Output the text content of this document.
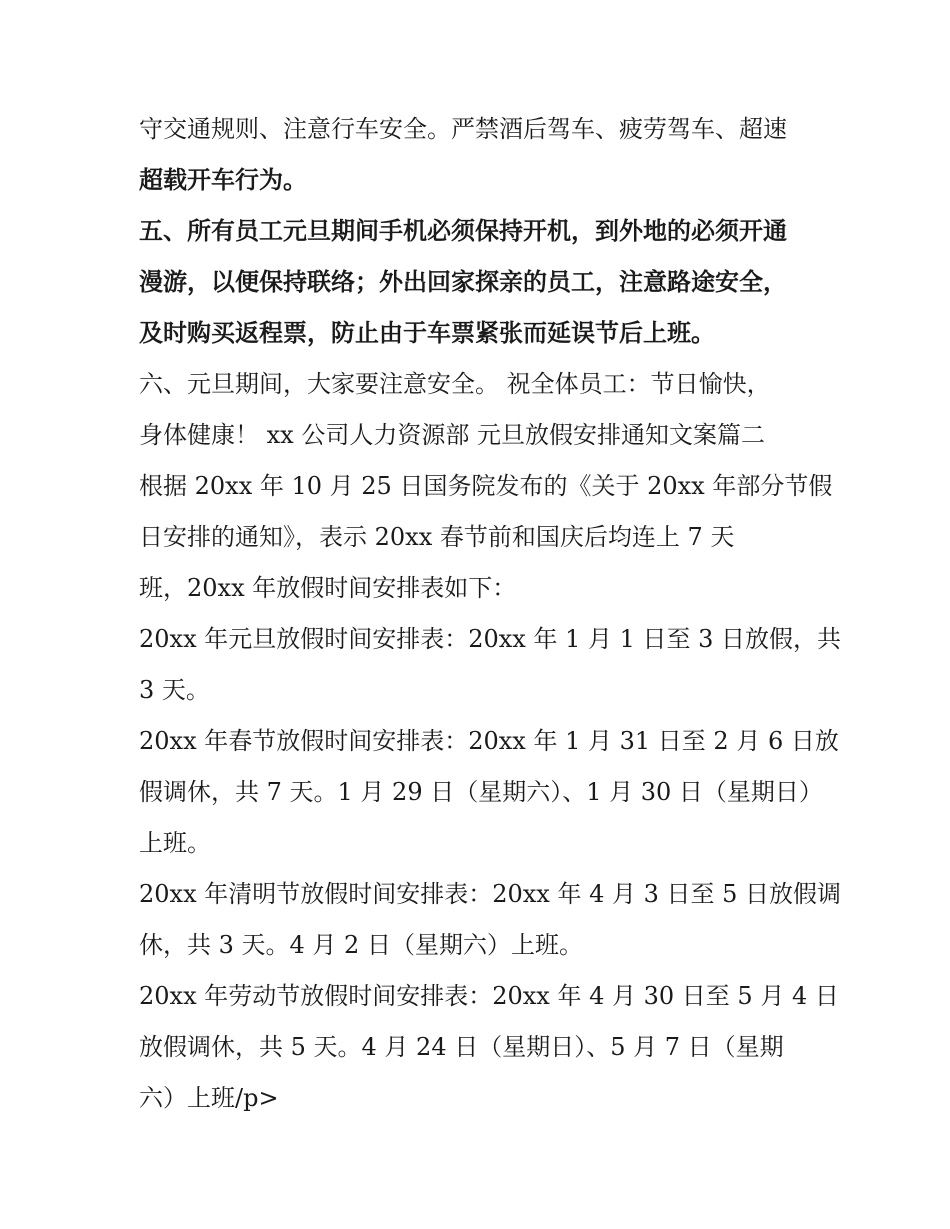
守交通规则、注意行车安全。严禁酒后驾车、疲劳驾车、超速
超载开车行为。
五、所有员工元旦期间手机必须保持开机，到外地的必须开通
漫游，以便保持联络；外出回家探亲的员工，注意路途安全，
及时购买返程票，防止由于车票紧张而延误节后上班。
六、元旦期间，大家要注意安全。 祝全体员工：节日愉快，
身体健康！ xx 公司人力资源部 元旦放假安排通知文案篇二
根据 20xx 年 10 月 25 日国务院发布的《关于 20xx 年部分节假
日安排的通知》，表示 20xx 春节前和国庆后均连上 7 天
班，20xx 年放假时间安排表如下：
20xx 年元旦放假时间安排表：20xx 年 1 月 1 日至 3 日放假，共
3 天。
20xx 年春节放假时间安排表：20xx 年 1 月 31 日至 2 月 6 日放
假调休，共 7 天。1 月 29 日（星期六）、1 月 30 日（星期日）
上班。
20xx 年清明节放假时间安排表：20xx 年 4 月 3 日至 5 日放假调
休，共 3 天。4 月 2 日（星期六）上班。
20xx 年劳动节放假时间安排表：20xx 年 4 月 30 日至 5 月 4 日
放假调休，共 5 天。4 月 24 日（星期日）、5 月 7 日（星期
六）上班/p>
